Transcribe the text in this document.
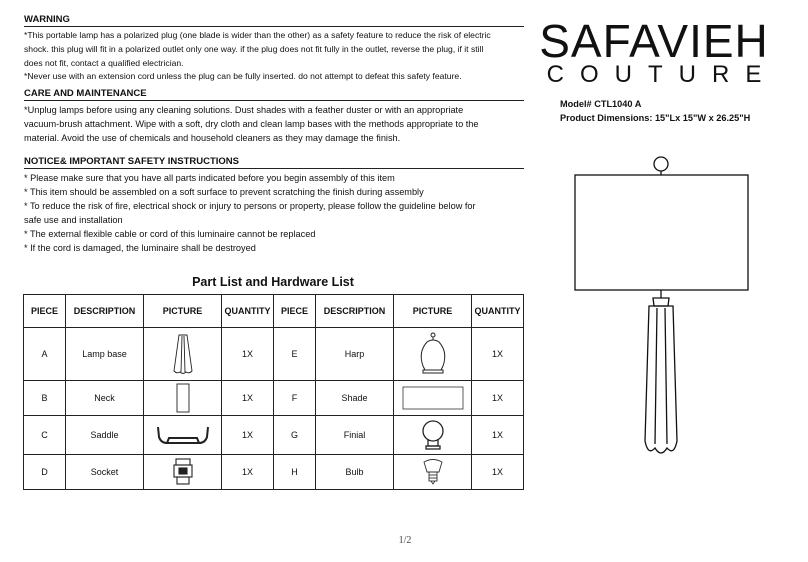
WARNING

*This portable lamp has a polarized plug (one blade is wider than the other) as a safety feature to reduce the risk of electric

shock. this plug will fit in a polarized outlet only one way. if the plug does not fit fully in the outlet, reverse the plug, if it still

does not fit, contact a qualified electrician.

*Never use with an extension cord unless the plug can be fully inserted. do not attempt to defeat this safety feature.

CARE AND MAINTENANCE

*Unplug lamps before using any cleaning solutions. Dust shades with a feather duster or with an appropriate

vacuum-brush attachment. Wipe with a soft, dry cloth and clean lamp bases with the methods appropriate to the

material. Avoid the use of chemicals and household cleaners as they may damage the finish.

NOTICE& IMPORTANT SAFETY INSTRUCTIONS

* Please make sure that you have all parts indicated before you begin assembly of this item

* This item should be assembled on a soft surface to prevent scratching the finish during assembly

* To reduce the risk of fire, electrical shock or injury to persons or property, please follow the guideline below for

safe use and installation

* The external flexible cable or cord of this luminaire cannot be replaced

* If the cord is damaged, the luminaire shall be destroyed

SAFAVIEH
COUTURE
Model# CTL1040 A
Product Dimensions: 15"Lx 15"W x 26.25"H
Part List and Hardware List
PIECE	DESCRIPTION	PICTURE	QUANTITY	PIECE	DESCRIPTION	PICTURE	QUANTITY
A	Lamp base		1X	E	Harp		1X
B	Neck		1X	F	Shade		1X
C	Saddle		1X	G	Finial		1X
D	Socket		1X	H	Bulb		1X
1/2
